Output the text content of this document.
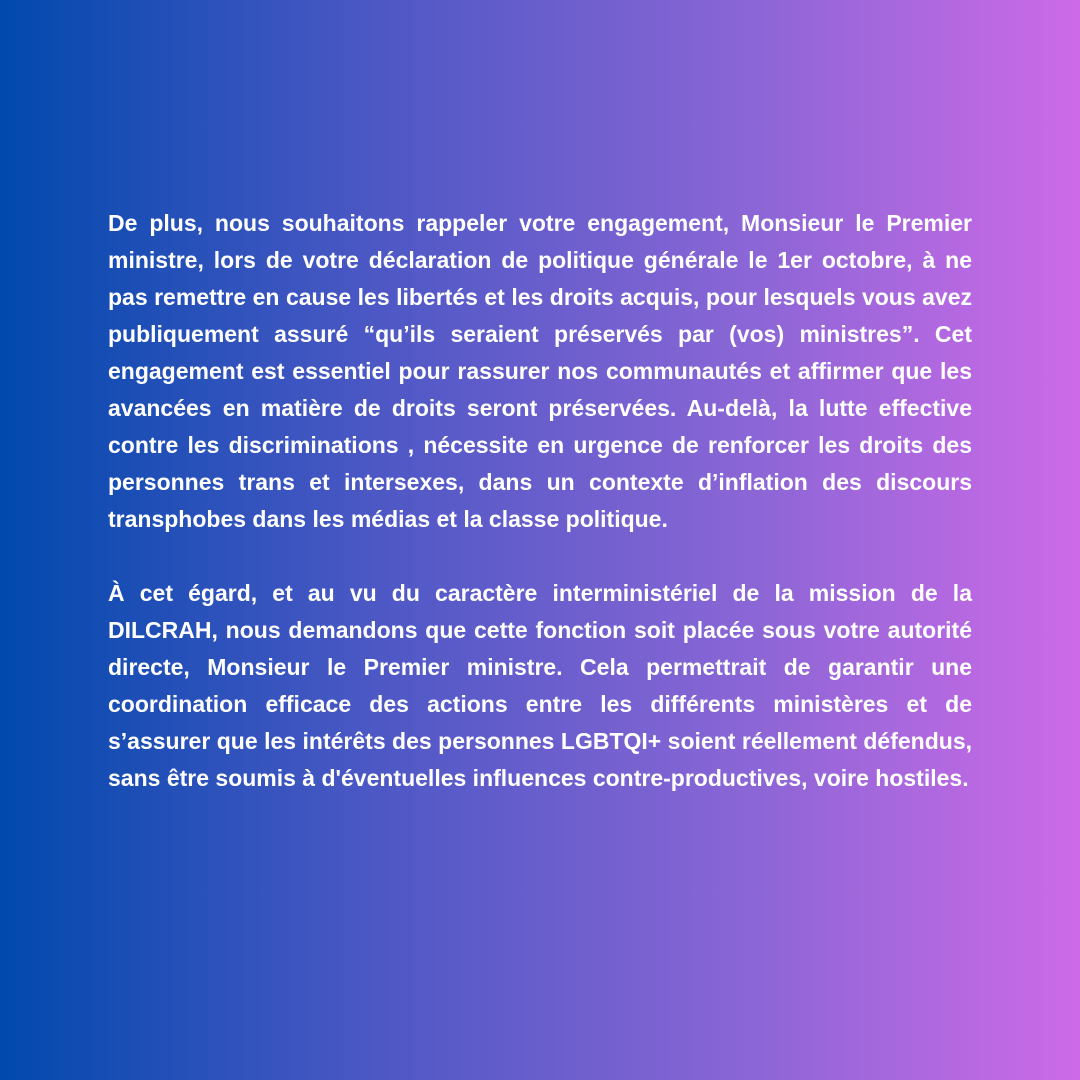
De plus, nous souhaitons rappeler votre engagement, Monsieur le Premier ministre, lors de votre déclaration de politique générale le 1er octobre, à ne pas remettre en cause les libertés et les droits acquis, pour lesquels vous avez publiquement assuré “qu’ils seraient préservés par (vos) ministres”. Cet engagement est essentiel pour rassurer nos communautés et affirmer que les avancées en matière de droits seront préservées. Au-delà, la lutte effective contre les discriminations , nécessite en urgence de renforcer les droits des personnes trans et intersexes, dans un contexte d’inflation des discours transphobes dans les médias et la classe politique.

À cet égard, et au vu du caractère interministériel de la mission de la DILCRAH, nous demandons que cette fonction soit placée sous votre autorité directe, Monsieur le Premier ministre. Cela permettrait de garantir une coordination efficace des actions entre les différents ministères et de s’assurer que les intérêts des personnes LGBTQI+ soient réellement défendus, sans être soumis à d'éventuelles influences contre-productives, voire hostiles.
